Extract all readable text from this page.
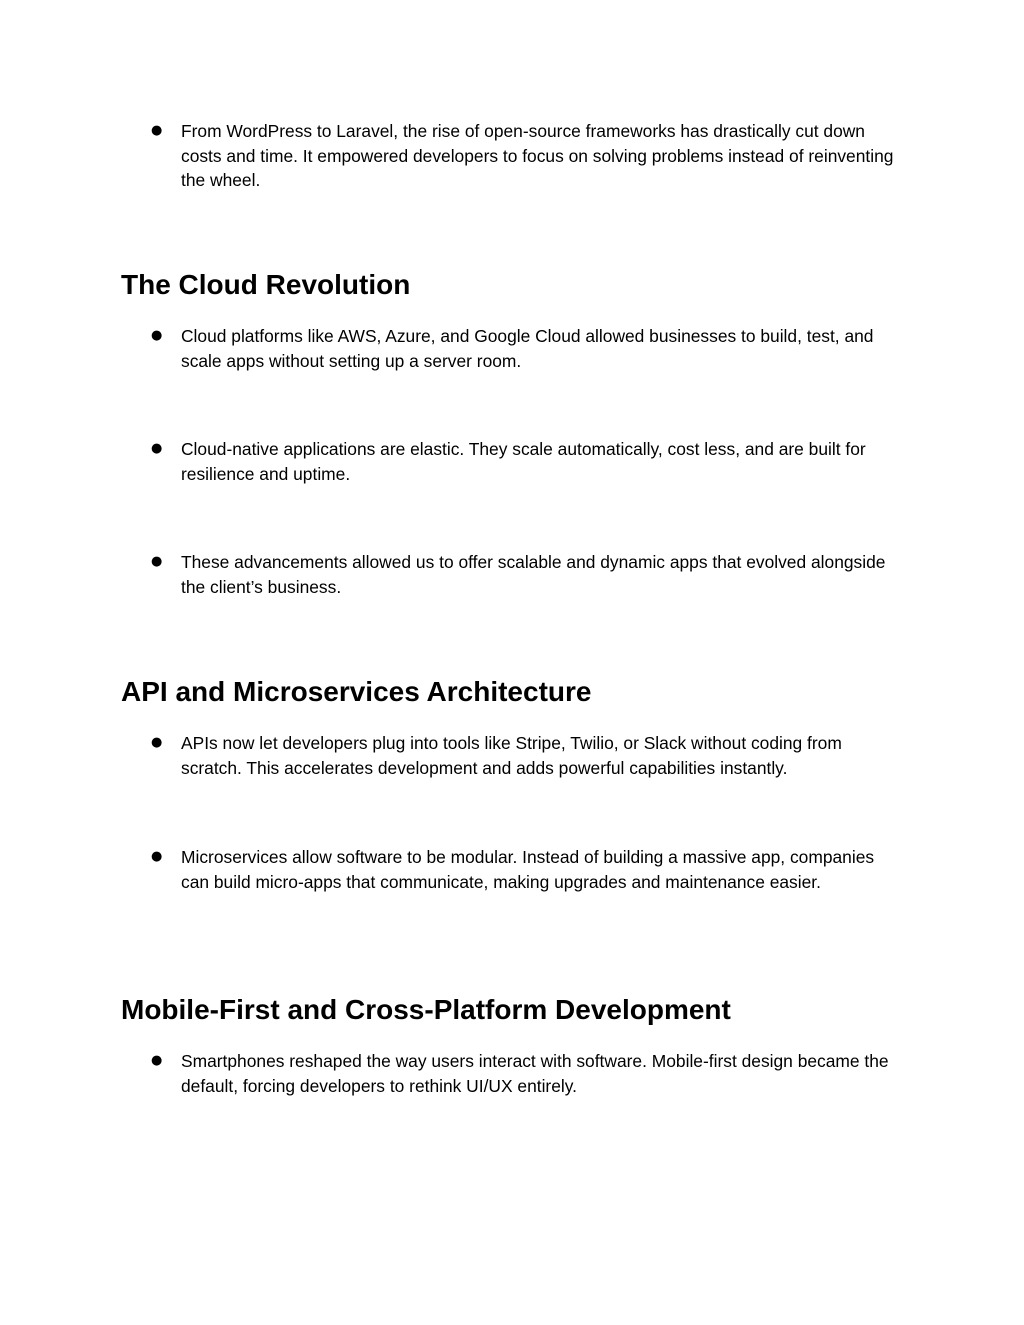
● From WordPress to Laravel, the rise of open-source frameworks has drastically cut down costs and time. It empowered developers to focus on solving problems instead of reinventing the wheel.

The Cloud Revolution
● Cloud platforms like AWS, Azure, and Google Cloud allowed businesses to build, test, and scale apps without setting up a server room.

● Cloud-native applications are elastic. They scale automatically, cost less, and are built for resilience and uptime.

● These advancements allowed us to offer scalable and dynamic apps that evolved alongside the client’s business.

API and Microservices Architecture
● APIs now let developers plug into tools like Stripe, Twilio, or Slack without coding from scratch. This accelerates development and adds powerful capabilities instantly.

● Microservices allow software to be modular. Instead of building a massive app, companies can build micro-apps that communicate, making upgrades and maintenance easier.

Mobile-First and Cross-Platform Development
● Smartphones reshaped the way users interact with software. Mobile-first design became the default, forcing developers to rethink UI/UX entirely.
